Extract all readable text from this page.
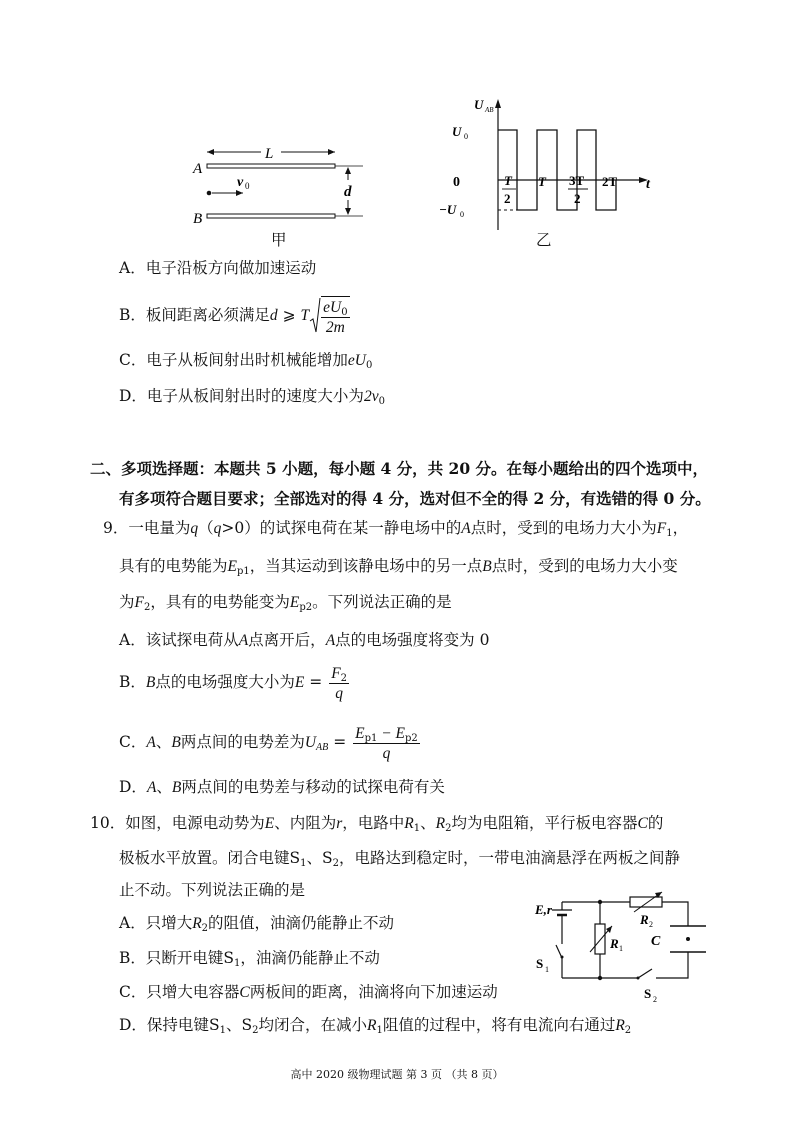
A
B
L
d
v 0
甲
U AB
t
0
U 0
−U 0
T
2
T 3T
2
2T
乙
A．电子沿板方向做加速运动
B．板间距离必须满足d ⩾ T $\frac{eU_0}{2m}$
C．电子从板间射出时机械能增加$eU_0$
D．电子从板间射出时的速度大小为$2v_0$
二、多项选择题：本题共 5 小题，每小题 4 分，共 20 分。在每小题给出的四个选项中，
有多项符合题目要求；全部选对的得 4 分，选对但不全的得 2 分，有选错的得 0 分。
9．一电量为q（q>0）的试探电荷在某一静电场中的A点时，受到的电场力大小为$F_1$，
具有的电势能为$E_{p1}$，当其运动到该静电场中的另一点B点时，受到的电场力大小变
为$F_2$，具有的电势能变为$E_{p2}$。下列说法正确的是
A．该试探电荷从A点离开后，A点的电场强度将变为 0
B．B点的电场强度大小为$E = \frac{F_2}{q}$
C．A、B两点间的电势差为$U_{AB} = \frac{E_{p1} - E_{p2}}{q}$
D．A、B两点间的电势差与移动的试探电荷有关
10．如图，电源电动势为E、内阻为r，电路中$R_1$、$R_2$均为电阻箱，平行板电容器C的
极板水平放置。闭合电键$S_1$、$S_2$，电路达到稳定时，一带电油滴悬浮在两板之间静
止不动。下列说法正确的是
A．只增大$R_2$的阻值，油滴仍能静止不动
B．只断开电键$S_1$，油滴仍能静止不动
C．只增大电容器C两板间的距离，油滴将向下加速运动
D．保持电键$S_1$、$S_2$均闭合，在减小$R_1$阻值的过程中，将有电流向右通过$R_2$
E,r
S 1
R 1
R 2
C
S 2
高中 2020 级物理试题 第 3 页 （共 8 页）
